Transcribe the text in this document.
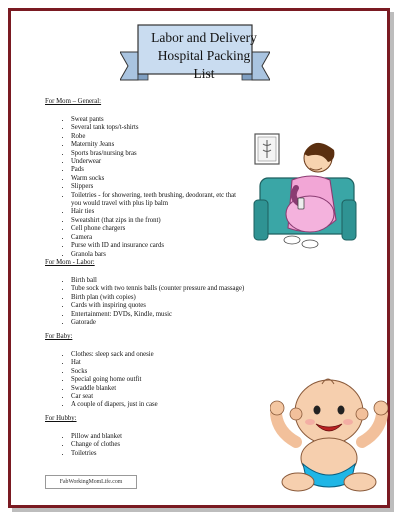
Labor and Delivery
Hospital Packing List

For Mom – General:

• Sweat pants
• Several tank tops/t-shirts
• Robe
• Maternity Jeans
• Sports bras/nursing bras
• Underwear
• Pads
• Warm socks
• Slippers
• Toiletries - for showering, teeth brushing, deodorant, etc that
you would travel with plus lip balm
• Hair ties
• Sweatshirt (that zips in the front)
• Cell phone chargers
• Camera
• Purse with ID and insurance cards
• Granola bars

For Mom - Labor:

• Birth ball
• Tube sock with two tennis balls (counter pressure and massage)
• Birth plan (with copies)
• Cards with inspiring quotes
• Entertainment: DVDs, Kindle, music
• Gatorade

For Baby:

• Clothes: sleep sack and onesie
• Hat
• Socks
• Special going home outfit
• Swaddle blanket
• Car seat
• A couple of diapers, just in case

For Hubby:

• Pillow and blanket
• Change of clothes
• Toiletries
FabWorkingMomLife.com
